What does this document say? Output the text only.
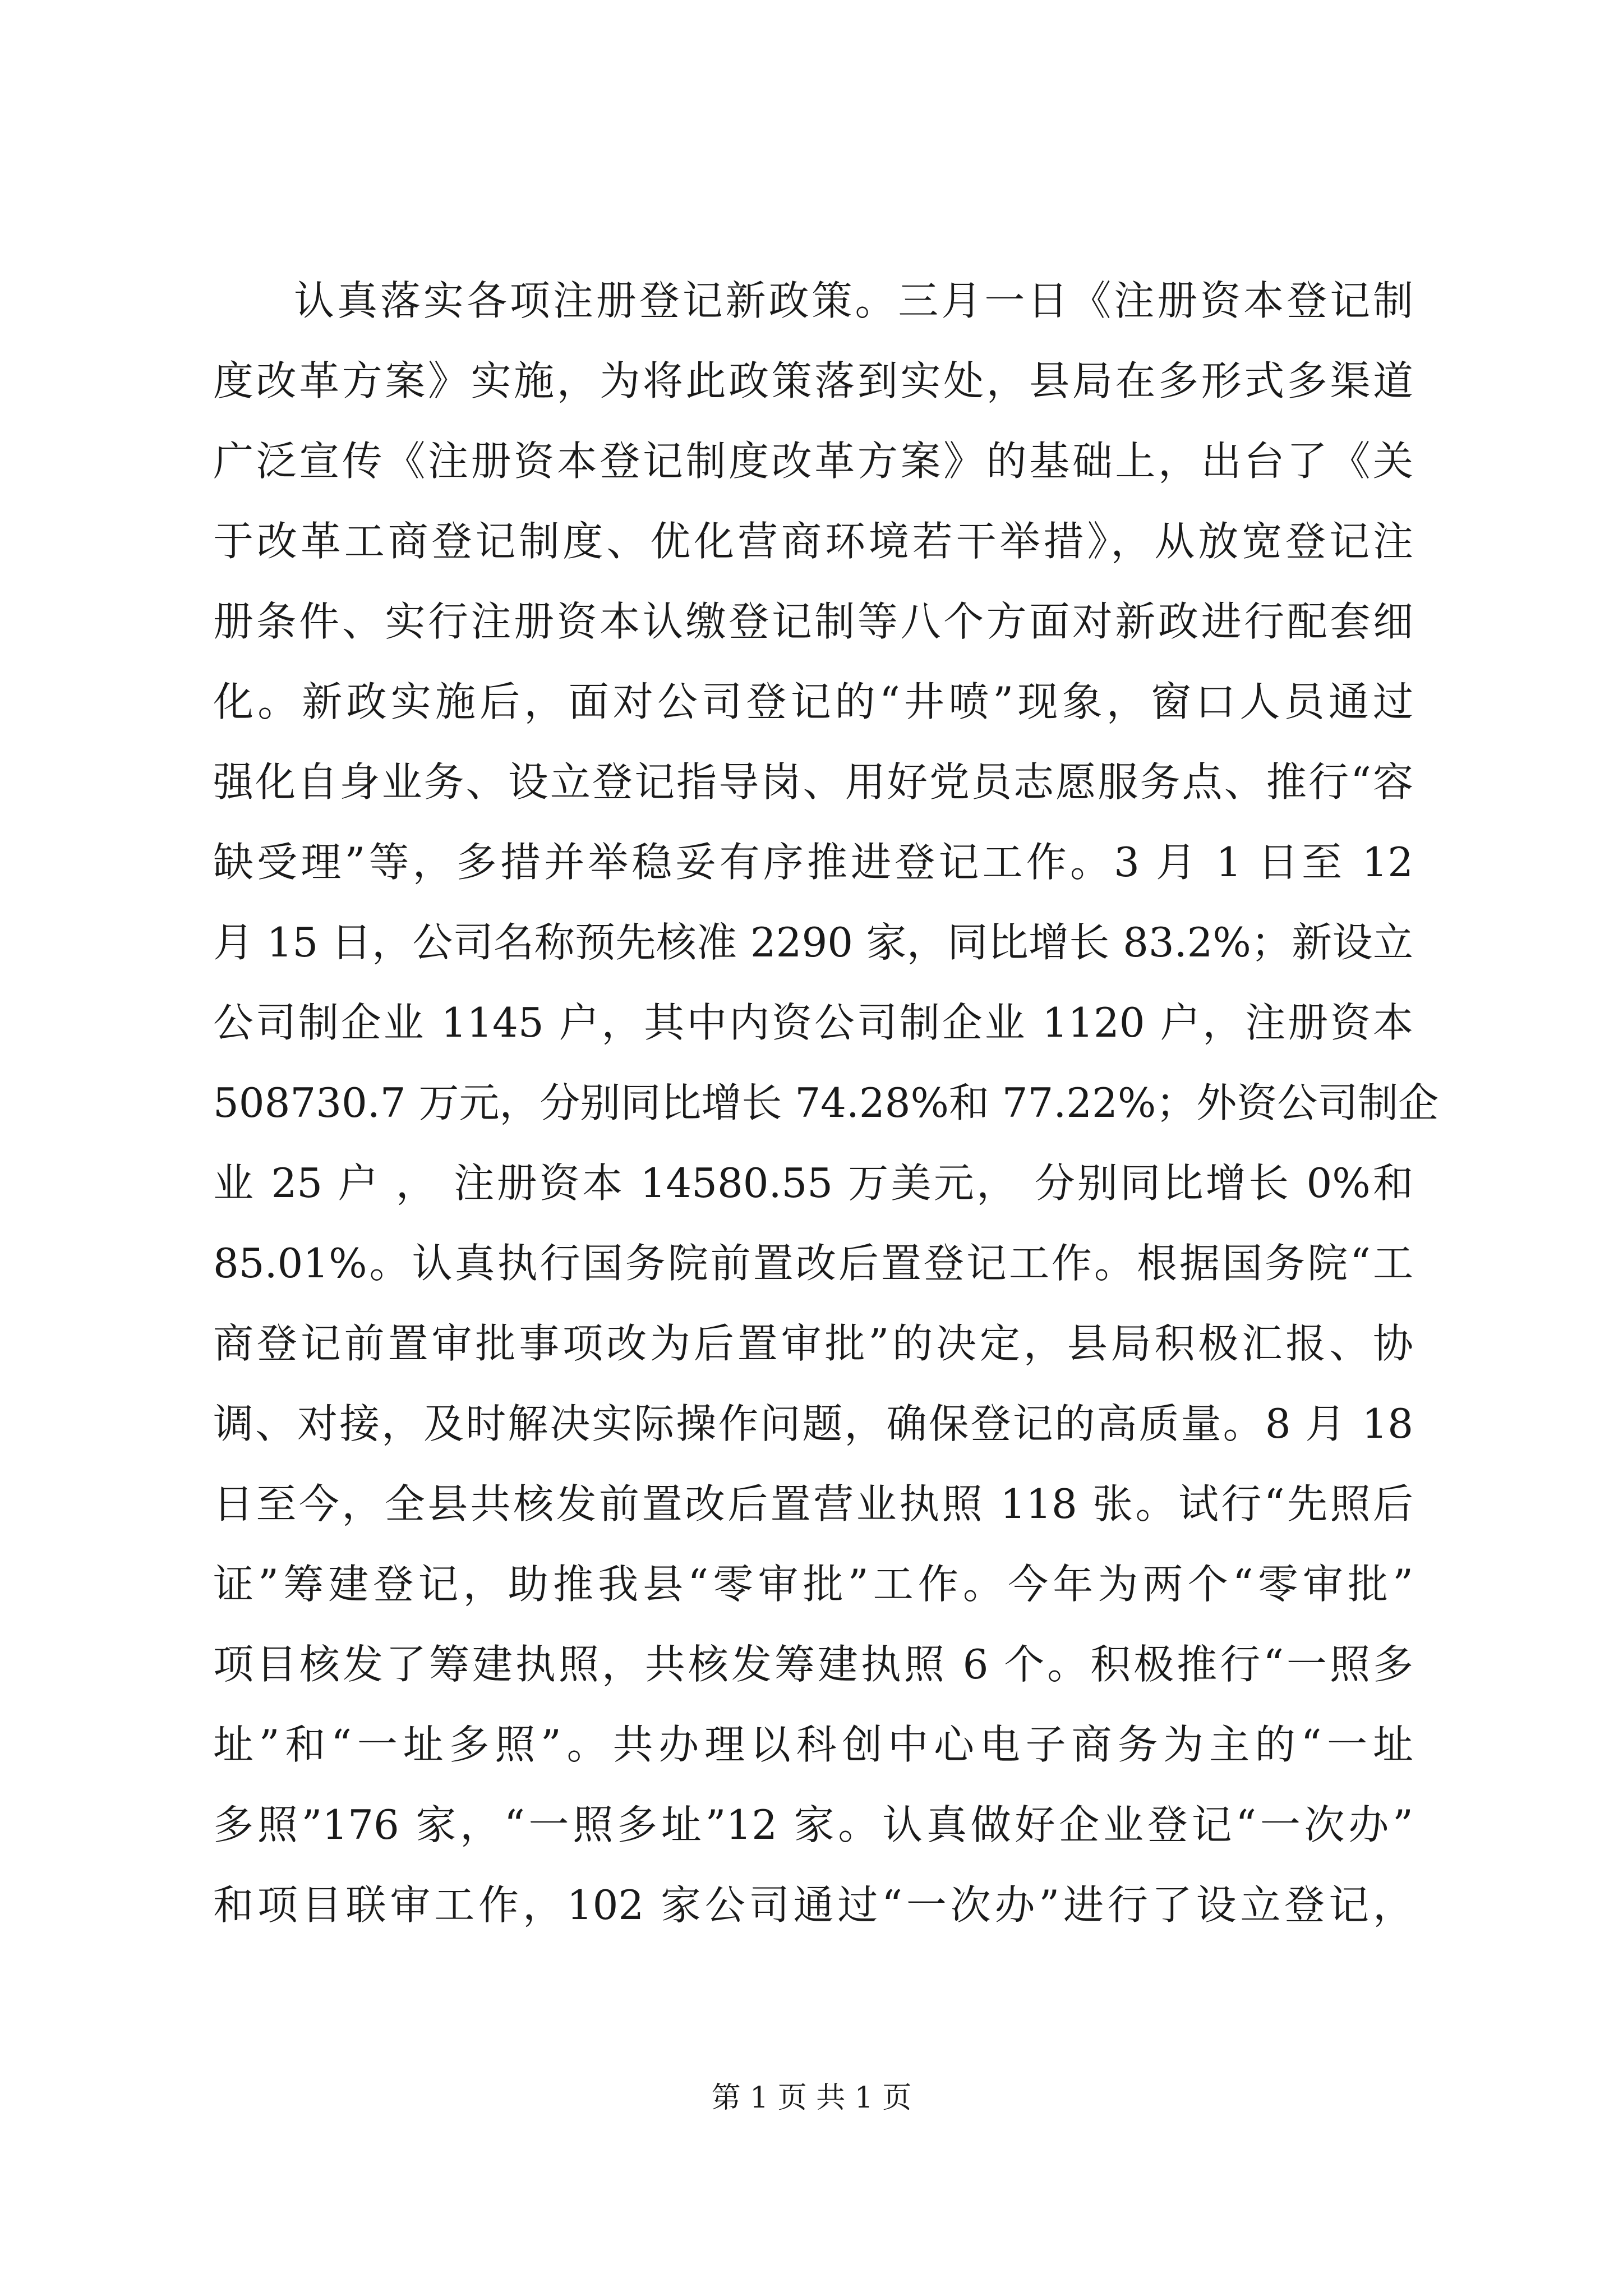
认真落实各项注册登记新政策。三月一日《注册资本登记制
度改革方案》实施，为将此政策落到实处，县局在多形式多渠道
广泛宣传《注册资本登记制度改革方案》的基础上，出台了《关
于改革工商登记制度、优化营商环境若干举措》，从放宽登记注
册条件、实行注册资本认缴登记制等八个方面对新政进行配套细
化。新政实施后，面对公司登记的“井喷”现象，窗口人员通过
强化自身业务、设立登记指导岗、用好党员志愿服务点、推行“容
缺受理”等，多措并举稳妥有序推进登记工作。3 月 1 日至 12
月 15 日，公司名称预先核准 2290 家，同比增长 83.2%；新设立
公司制企业 1145 户，其中内资公司制企业 1120 户，注册资本
508730.7 万元，分别同比增长 74.28%和 77.22%；外资公司制企
业 25 户 ， 注册资本 14580.55 万美元， 分别同比增长 0%和
85.01%。认真执行国务院前置改后置登记工作。根据国务院“工
商登记前置审批事项改为后置审批”的决定，县局积极汇报、协
调、对接，及时解决实际操作问题，确保登记的高质量。8 月 18
日至今，全县共核发前置改后置营业执照 118 张。试行“先照后
证”筹建登记，助推我县“零审批”工作。今年为两个“零审批”
项目核发了筹建执照，共核发筹建执照 6 个。积极推行“一照多
址”和“一址多照”。共办理以科创中心电子商务为主的“一址
多照”176 家，“一照多址”12 家。认真做好企业登记“一次办”
和项目联审工作，102 家公司通过“一次办”进行了设立登记，
第 1 页 共 1 页
